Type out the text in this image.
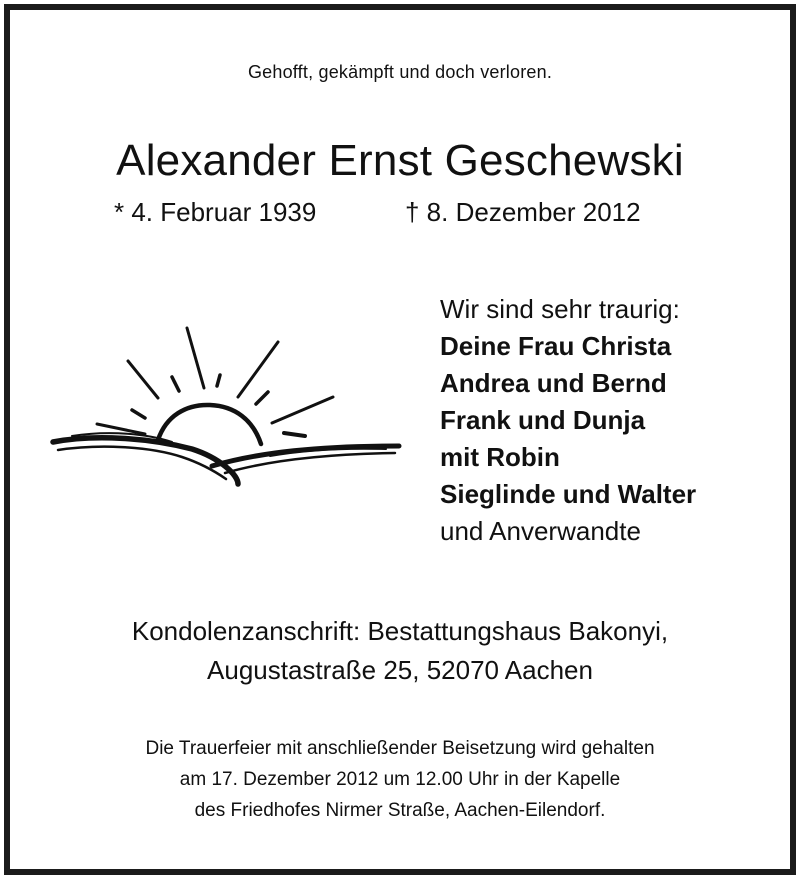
Gehofft, gekämpft und doch verloren.
Alexander Ernst Geschewski
* 4. Februar 1939	† 8. Dezember 2012
Wir sind sehr traurig:
Deine Frau Christa
Andrea und Bernd
Frank und Dunja
mit Robin
Sieglinde und Walter
und Anverwandte
Kondolenzanschrift: Bestattungshaus Bakonyi,
Augustastraße 25, 52070 Aachen
Die Trauerfeier mit anschließender Beisetzung wird gehalten
am 17. Dezember 2012 um 12.00 Uhr in der Kapelle
des Friedhofes Nirmer Straße, Aachen-Eilendorf.
